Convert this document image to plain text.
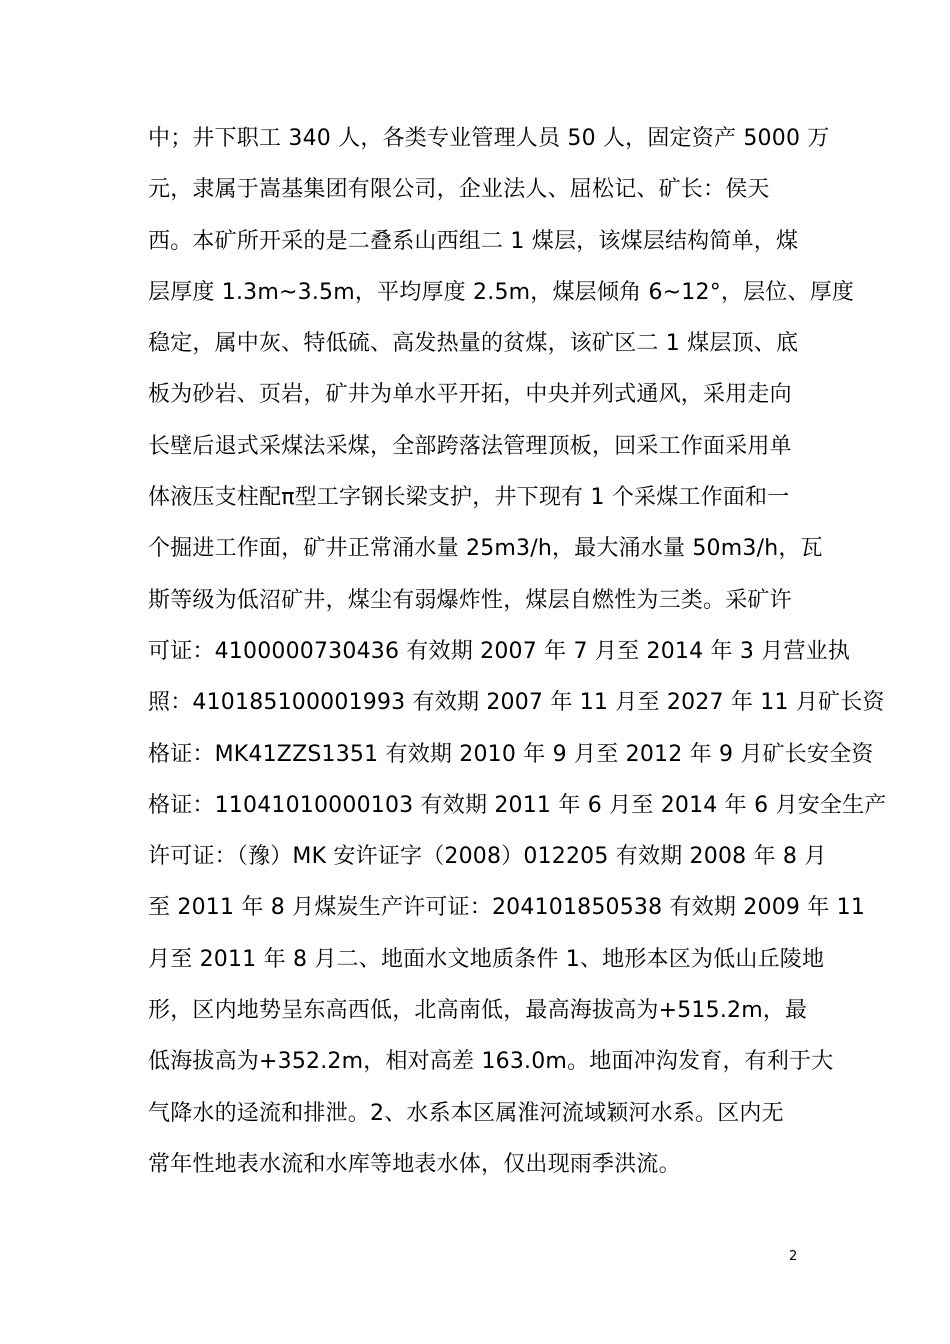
中；井下职工 340 人，各类专业管理人员 50 人，固定资产 5000 万
元，隶属于嵩基集团有限公司，企业法人、屈松记、矿长：侯天
西。本矿所开采的是二叠系山西组二 1 煤层，该煤层结构简单，煤
层厚度 1.3m~3.5m，平均厚度 2.5m，煤层倾角 6~12°，层位、厚度
稳定，属中灰、特低硫、高发热量的贫煤，该矿区二 1 煤层顶、底
板为砂岩、页岩，矿井为单水平开拓，中央并列式通风，采用走向
长壁后退式采煤法采煤，全部跨落法管理顶板，回采工作面采用单
体液压支柱配π型工字钢长梁支护，井下现有 1 个采煤工作面和一
个掘进工作面，矿井正常涌水量 25m3/h，最大涌水量 50m3/h，瓦
斯等级为低沼矿井，煤尘有弱爆炸性，煤层自燃性为三类。采矿许
可证：4100000730436 有效期 2007 年 7 月至 2014 年 3 月营业执
照：410185100001993 有效期 2007 年 11 月至 2027 年 11 月矿长资
格证：MK41ZZS1351 有效期 2010 年 9 月至 2012 年 9 月矿长安全资
格证：11041010000103 有效期 2011 年 6 月至 2014 年 6 月安全生产
许可证：（豫）MK 安许证字（2008）012205 有效期 2008 年 8 月
至 2011 年 8 月煤炭生产许可证：204101850538 有效期 2009 年 11
月至 2011 年 8 月二、地面水文地质条件 1、地形本区为低山丘陵地
形，区内地势呈东高西低，北高南低，最高海拔高为+515.2m，最
低海拔高为+352.2m，相对高差 163.0m。地面冲沟发育，有利于大
气降水的迳流和排泄。2、水系本区属淮河流域颖河水系。区内无
常年性地表水流和水库等地表水体，仅出现雨季洪流。
2
